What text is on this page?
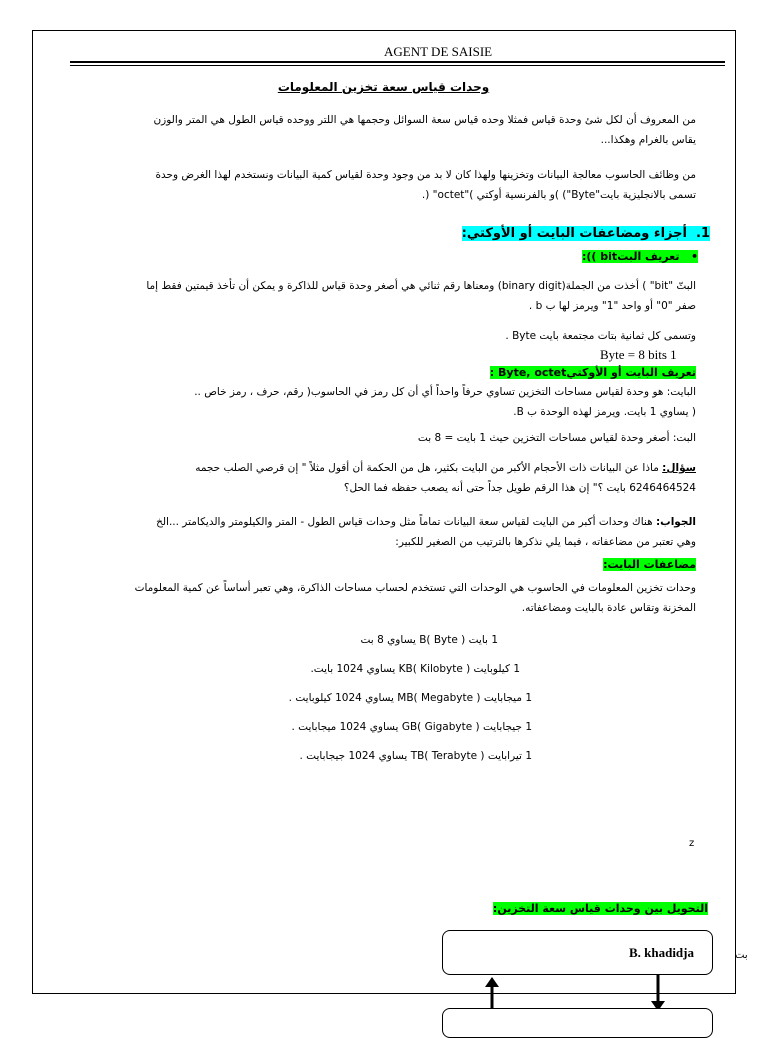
AGENT DE SAISIE
وحدات قياس سعة تخزين المعلومات
من المعروف أن لكل شئ وحدة قياس فمثلا وحده قياس سعة السوائل وحجمها هي اللتر ووحده قياس الطول هي المتر والوزن
يقاس بالغرام وهكذا...
من وظائف الحاسوب معالجة البيانات وتخزينها ولهذا كان لا بد من وجود وحدة لقياس كمية البيانات ونستخدم لهذا الغرض وحدة
تسمى بالانجليزية بايت"Byte") )و بالفرنسية أوكتي )"octet" (.
1.  أجزاء ومضاعفات البايت أو الأوكتي:
•   تعريف البتbit )):
البتّ "bit" ) أخذت من الجملة(binary digit) ومعناها رقم ثنائي هي أصغر وحدة قياس للذاكرة و يمكن أن تأخذ قيمتين فقط إما
صفر "0" أو واحد "1" ويرمز لها ب b .
وتسمى كل ثمانية بتات مجتمعة بايت Byte .
Byte = 8 bits 1
تعريف البايت أو الأوكتيByte, octet :
البايت: هو وحدة لقياس مساحات التخزين تساوي حرفاً واحداً أي أن كل رمز في الحاسوب( رقم، حرف ، رمز خاص ..
( يساوي 1 بايت. ويرمز لهذه الوحدة ب B.
البت: أصغر وحدة لقياس مساحات التخزين حيث 1 بايت = 8 بت
سؤال: ماذا عن البيانات ذات الأحجام الأكبر من البايت بكثير، هل من الحكمة أن أقول مثلاً " إن قرصي الصلب حجمه
6246464524 بايت ؟" إن هذا الرقم طويل جداً حتى أنه يصعب حفظه فما الحل؟
الجواب: هناك وحدات أكبر من البايت لقياس سعة البيانات تماماً مثل وحدات قياس الطول - المتر والكيلومتر والديكامتر ...الخ
وهي تعتبر من مضاعفاته ، فيما يلي نذكرها بالترتيب من الصغير للكبير:
مضاعفات البايت:
وحدات تخزين المعلومات في الحاسوب هي الوحدات التي تستخدم لحساب مساحات الذاكرة، وهي تعبر أساساً عن كمية المعلومات
المخزنة وتقاس عادة بالبايت ومضاعفاته.
1 بايت ( B( Byte يساوي 8 بت
1 كيلوبايت ( KB( Kilobyte يساوي 1024 بايت.
1 ميجابايت ( MB( Megabyte يساوي 1024 كيلوبايت .
1 جيجابايت ( GB( Gigabyte يساوي 1024 ميجابايت .
1 تيرابايت ( TB( Terabyte يساوي 1024 جيجابايت .
z
التحويل بين وحدات قياس سعة التخزين:
B. khadidja	بت
